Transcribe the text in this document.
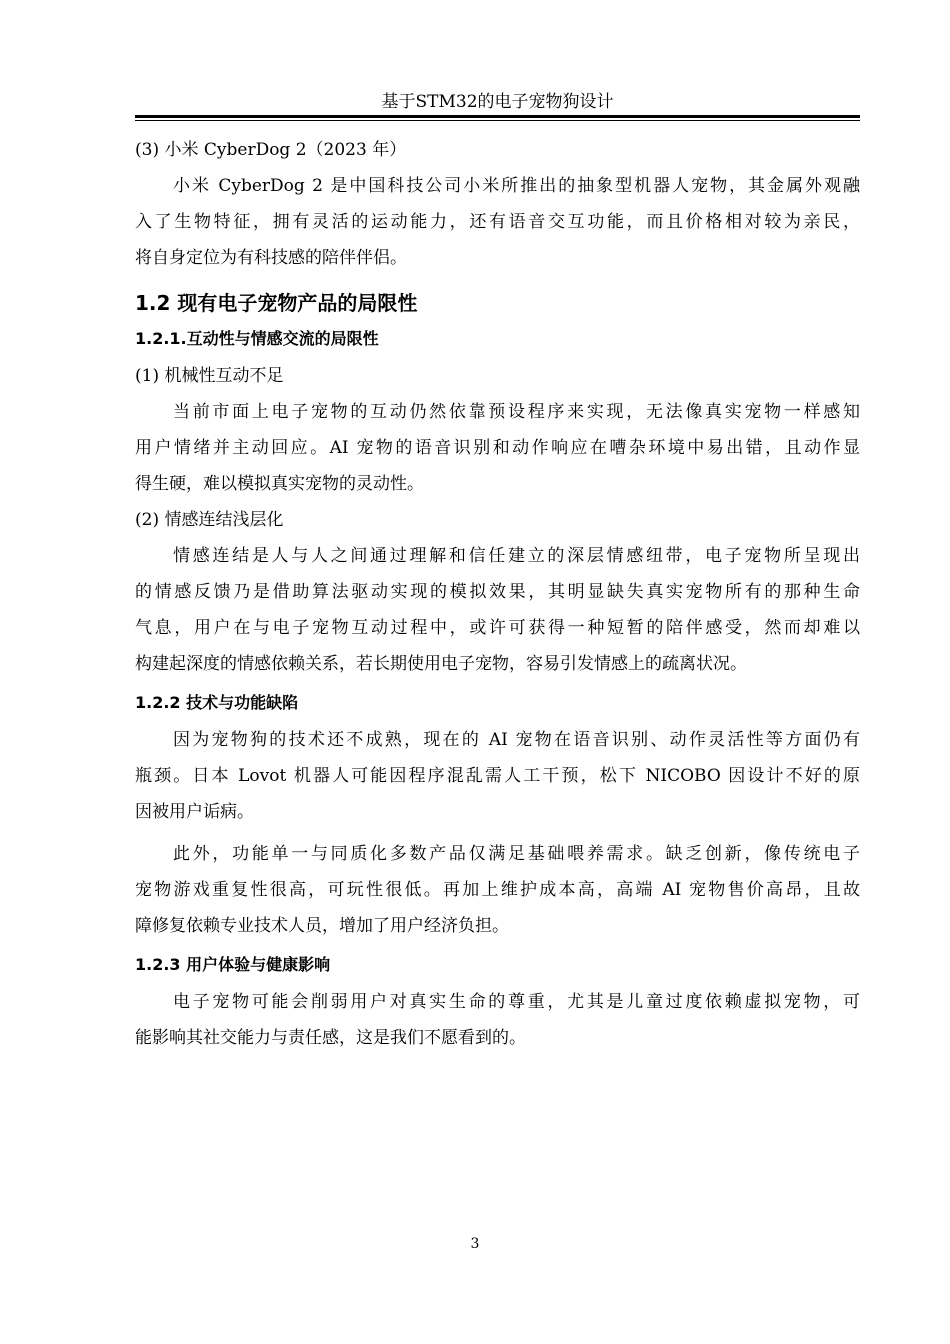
基于STM32的电子宠物狗设计
(3) 小米 CyberDog 2（2023 年）
小米 CyberDog 2 是中国科技公司小米所推出的抽象型机器人宠物，其金属外观融
入了生物特征，拥有灵活的运动能力，还有语音交互功能，而且价格相对较为亲民，
将自身定位为有科技感的陪伴伴侣。
1.2 现有电子宠物产品的局限性
1.2.1.互动性与情感交流的局限性
(1) 机械性互动不足
当前市面上电子宠物的互动仍然依靠预设程序来实现，无法像真实宠物一样感知
用户情绪并主动回应。AI 宠物的语音识别和动作响应在嘈杂环境中易出错，且动作显
得生硬，难以模拟真实宠物的灵动性。
(2) 情感连结浅层化
情感连结是人与人之间通过理解和信任建立的深层情感纽带，电子宠物所呈现出
的情感反馈乃是借助算法驱动实现的模拟效果，其明显缺失真实宠物所有的那种生命
气息，用户在与电子宠物互动过程中，或许可获得一种短暂的陪伴感受，然而却难以
构建起深度的情感依赖关系，若长期使用电子宠物，容易引发情感上的疏离状况。
1.2.2 技术与功能缺陷
因为宠物狗的技术还不成熟，现在的 AI 宠物在语音识别、动作灵活性等方面仍有
瓶颈。日本 Lovot 机器人可能因程序混乱需人工干预，松下 NICOBO 因设计不好的原
因被用户诟病。
此外，功能单一与同质化多数产品仅满足基础喂养需求。缺乏创新，像传统电子
宠物游戏重复性很高，可玩性很低。再加上维护成本高，高端 AI 宠物售价高昂，且故
障修复依赖专业技术人员，增加了用户经济负担。
1.2.3 用户体验与健康影响
电子宠物可能会削弱用户对真实生命的尊重，尤其是儿童过度依赖虚拟宠物，可
能影响其社交能力与责任感，这是我们不愿看到的。
3
